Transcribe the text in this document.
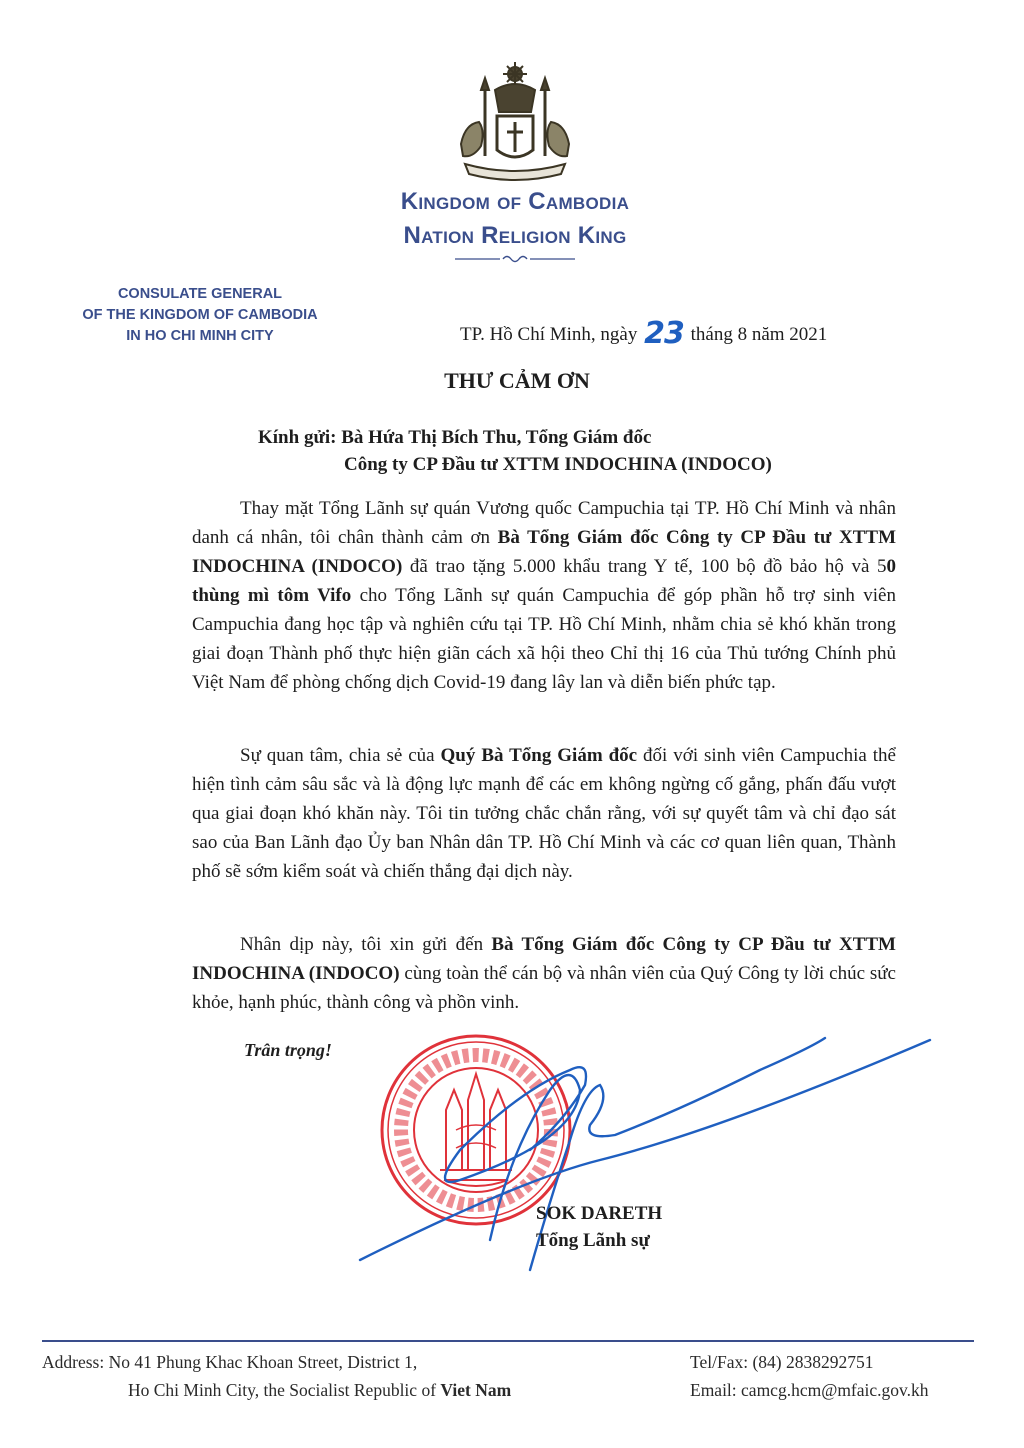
Kingdom of Cambodia
Nation Religion King
CONSULATE GENERAL
OF THE KINGDOM OF CAMBODIA
IN HO CHI MINH CITY	TP. Hồ Chí Minh, ngày 23 tháng 8 năm 2021
THƯ CẢM ƠN
Kính gửi: Bà Hứa Thị Bích Thu, Tổng Giám đốc
Công ty CP Đầu tư XTTM INDOCHINA (INDOCO)
Thay mặt Tổng Lãnh sự quán Vương quốc Campuchia tại TP. Hồ Chí Minh và nhân danh cá nhân, tôi chân thành cảm ơn Bà Tổng Giám đốc Công ty CP Đầu tư XTTM INDOCHINA (INDOCO) đã trao tặng 5.000 khẩu trang Y tế, 100 bộ đồ bảo hộ và 50 thùng mì tôm Vifo cho Tổng Lãnh sự quán Campuchia để góp phần hỗ trợ sinh viên Campuchia đang học tập và nghiên cứu tại TP. Hồ Chí Minh, nhằm chia sẻ khó khăn trong giai đoạn Thành phố thực hiện giãn cách xã hội theo Chỉ thị 16 của Thủ tướng Chính phủ Việt Nam để phòng chống dịch Covid-19 đang lây lan và diễn biến phức tạp.
Sự quan tâm, chia sẻ của Quý Bà Tổng Giám đốc đối với sinh viên Campuchia thể hiện tình cảm sâu sắc và là động lực mạnh để các em không ngừng cố gắng, phấn đấu vượt qua giai đoạn khó khăn này. Tôi tin tưởng chắc chắn rằng, với sự quyết tâm và chỉ đạo sát sao của Ban Lãnh đạo Ủy ban Nhân dân TP. Hồ Chí Minh và các cơ quan liên quan, Thành phố sẽ sớm kiểm soát và chiến thắng đại dịch này.
Nhân dịp này, tôi xin gửi đến Bà Tổng Giám đốc Công ty CP Đầu tư XTTM INDOCHINA (INDOCO) cùng toàn thể cán bộ và nhân viên của Quý Công ty lời chúc sức khỏe, hạnh phúc, thành công và phồn vinh.
Trân trọng!
SOK DARETH
Tổng Lãnh sự
Address: No 41 Phung Khac Khoan Street, District 1,
Ho Chi Minh City, the Socialist Republic of Viet Nam
Tel/Fax: (84) 2838292751
Email: camcg.hcm@mfaic.gov.kh
